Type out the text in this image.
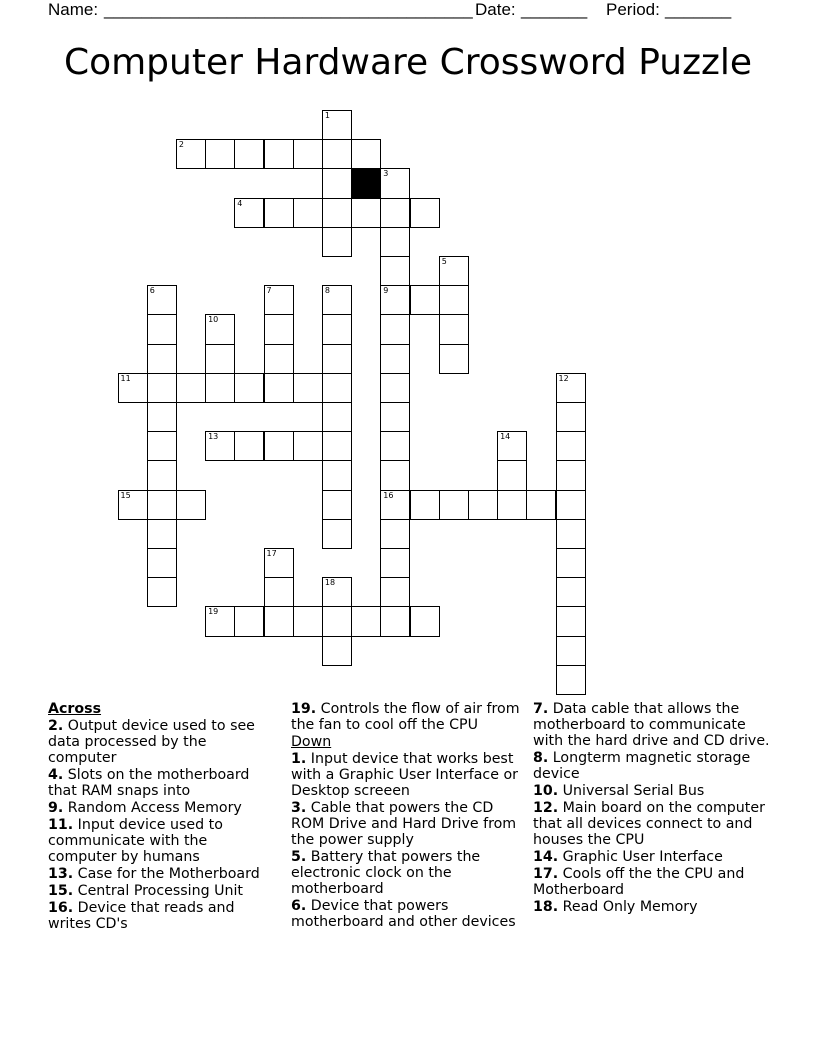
Name: _______________________________________ Date: _______ Period: _______
Computer Hardware Crossword Puzzle
1
2
3
4
5
6	7	8	9
10
11	12
13	14
15	16
17
18
19
Across
2. Output device used to see data processed by the computer
4. Slots on the motherboard that RAM snaps into
9. Random Access Memory
11. Input device used to communicate with the computer by humans
13. Case for the Motherboard
15. Central Processing Unit
16. Device that reads and writes CD's
19. Controls the flow of air from the fan to cool off the CPU
Down
1. Input device that works best with a Graphic User Interface or Desktop screeen
3. Cable that powers the CD ROM Drive and Hard Drive from the power supply
5. Battery that powers the electronic clock on the motherboard
6. Device that powers motherboard and other devices
7. Data cable that allows the motherboard to communicate with the hard drive and CD drive.
8. Longterm magnetic storage device
10. Universal Serial Bus
12. Main board on the computer that all devices connect to and houses the CPU
14. Graphic User Interface
17. Cools off the the CPU and Motherboard
18. Read Only Memory
